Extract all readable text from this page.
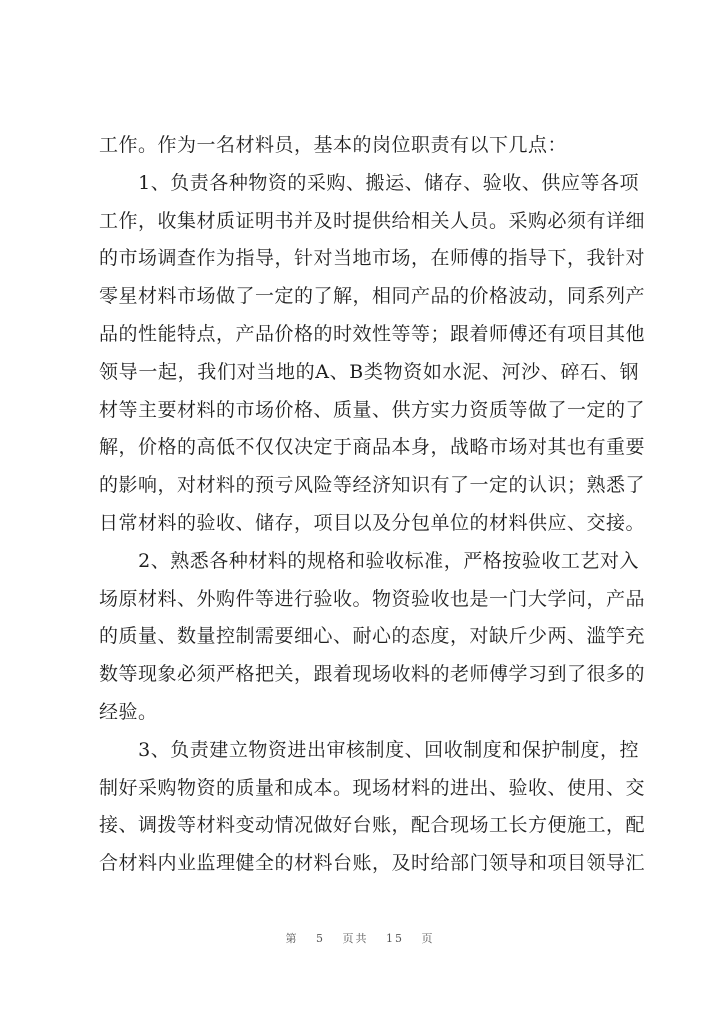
工作。作为一名材料员，基本的岗位职责有以下几点：
　　1、负责各种物资的采购、搬运、储存、验收、供应等各项
工作，收集材质证明书并及时提供给相关人员。采购必须有详细
的市场调查作为指导，针对当地市场，在师傅的指导下，我针对
零星材料市场做了一定的了解，相同产品的价格波动，同系列产
品的性能特点，产品价格的时效性等等；跟着师傅还有项目其他
领导一起，我们对当地的A、B类物资如水泥、河沙、碎石、钢
材等主要材料的市场价格、质量、供方实力资质等做了一定的了
解，价格的高低不仅仅决定于商品本身，战略市场对其也有重要
的影响，对材料的预亏风险等经济知识有了一定的认识；熟悉了
日常材料的验收、储存，项目以及分包单位的材料供应、交接。
　　2、熟悉各种材料的规格和验收标准，严格按验收工艺对入
场原材料、外购件等进行验收。物资验收也是一门大学问，产品
的质量、数量控制需要细心、耐心的态度，对缺斤少两、滥竽充
数等现象必须严格把关，跟着现场收料的老师傅学习到了很多的
经验。
　　3、负责建立物资进出审核制度、回收制度和保护制度，控
制好采购物资的质量和成本。现场材料的进出、验收、使用、交
接、调拨等材料变动情况做好台账，配合现场工长方便施工，配
合材料内业监理健全的材料台账，及时给部门领导和项目领导汇
第 5 页共 15 页
